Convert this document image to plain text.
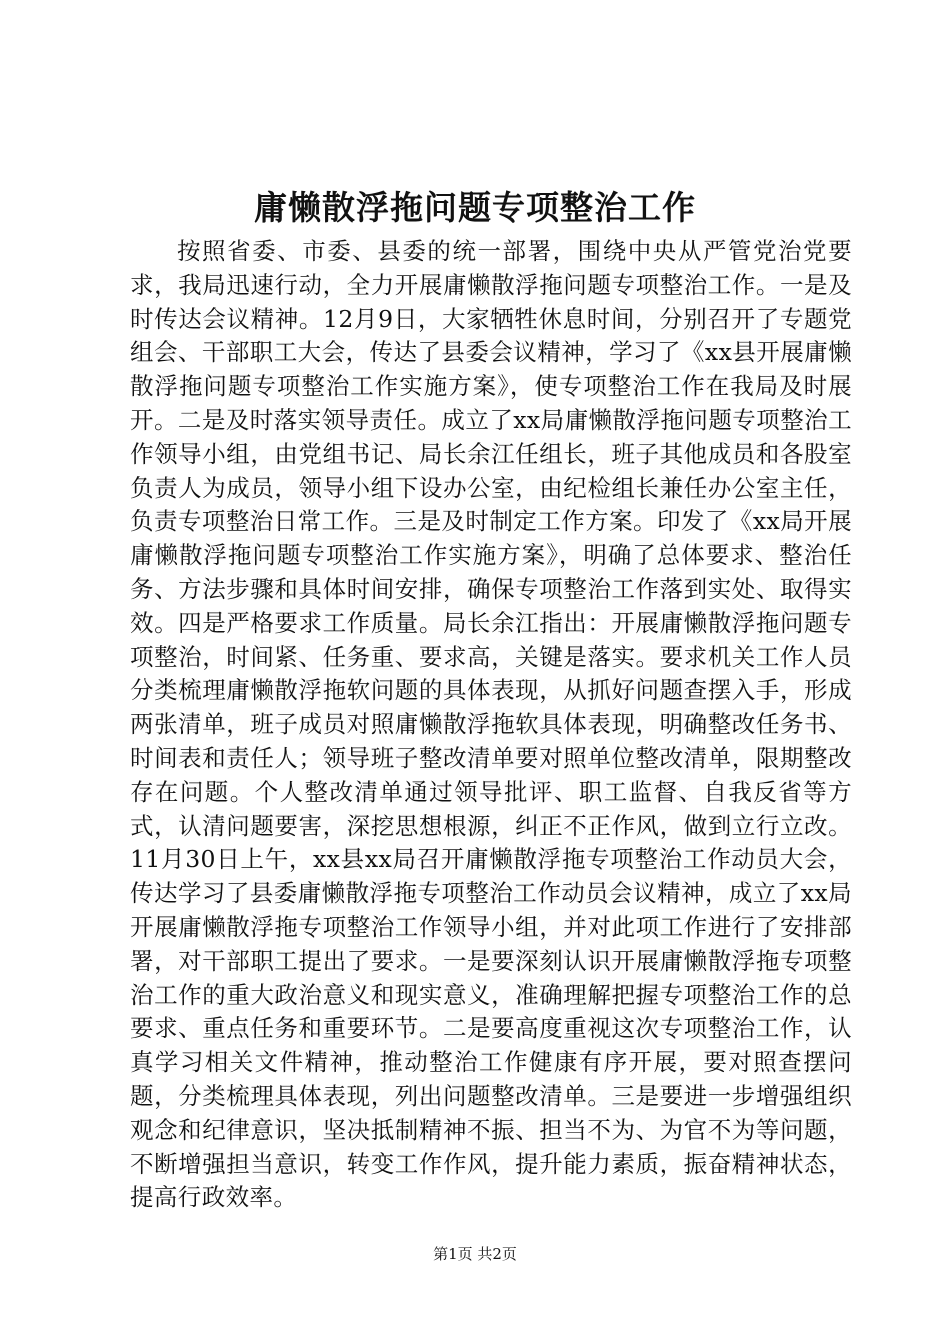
庸懒散浮拖问题专项整治工作

按照省委、市委、县委的统一部署，围绕中央从严管党治党要求，我局迅速行动，全力开展庸懒散浮拖问题专项整治工作。一是及时传达会议精神。12月9日，大家牺牲休息时间，分别召开了专题党组会、干部职工大会，传达了县委会议精神，学习了《xx县开展庸懒散浮拖问题专项整治工作实施方案》，使专项整治工作在我局及时展开。二是及时落实领导责任。成立了xx局庸懒散浮拖问题专项整治工作领导小组，由党组书记、局长余江任组长，班子其他成员和各股室负责人为成员，领导小组下设办公室，由纪检组长兼任办公室主任，负责专项整治日常工作。三是及时制定工作方案。印发了《xx局开展庸懒散浮拖问题专项整治工作实施方案》，明确了总体要求、整治任务、方法步骤和具体时间安排，确保专项整治工作落到实处、取得实效。四是严格要求工作质量。局长余江指出：开展庸懒散浮拖问题专项整治，时间紧、任务重、要求高，关键是落实。要求机关工作人员分类梳理庸懒散浮拖软问题的具体表现，从抓好问题查摆入手，形成两张清单，班子成员对照庸懒散浮拖软具体表现，明确整改任务书、时间表和责任人；领导班子整改清单要对照单位整改清单，限期整改存在问题。个人整改清单通过领导批评、职工监督、自我反省等方式，认清问题要害，深挖思想根源，纠正不正作风，做到立行立改。11月30日上午，xx县xx局召开庸懒散浮拖专项整治工作动员大会，传达学习了县委庸懒散浮拖专项整治工作动员会议精神，成立了xx局开展庸懒散浮拖专项整治工作领导小组，并对此项工作进行了安排部署，对干部职工提出了要求。一是要深刻认识开展庸懒散浮拖专项整治工作的重大政治意义和现实意义，准确理解把握专项整治工作的总要求、重点任务和重要环节。二是要高度重视这次专项整治工作，认真学习相关文件精神，推动整治工作健康有序开展，要对照查摆问题，分类梳理具体表现，列出问题整改清单。三是要进一步增强组织观念和纪律意识，坚决抵制精神不振、担当不为、为官不为等问题，不断增强担当意识，转变工作作风，提升能力素质，振奋精神状态，提高行政效率。

第1页 共2页
